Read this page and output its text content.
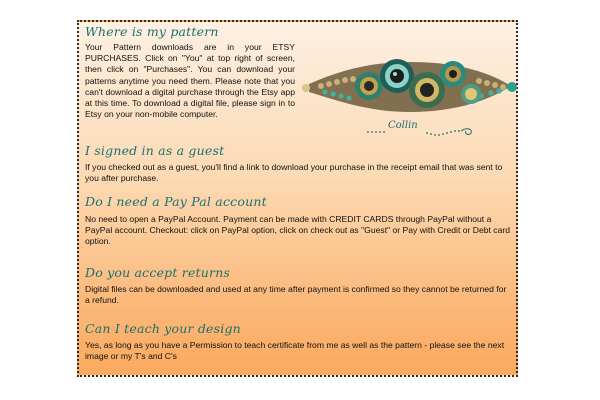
Where is my pattern

Your Pattern downloads are in your ETSY PURCHASES. Click on "You" at top right of screen, then click on "Purchases". You can download your patterns anytime you need them. Please note that you can't download a digital purchase through the Etsy app at this time. To download a digital file, please sign in to Etsy on your non-mobile computer.

Collin
I signed in as a guest

If you checked out as a guest, you'll find a link to download your purchase in the receipt email that was sent to you after purchase.

Do I need a Pay Pal account

No need to open a PayPal Account. Payment can be made with CREDIT CARDS through PayPal without a PayPal account. Checkout: click on PayPal option, click on check out as "Guest" or Pay with Credit or Debt card option.

Do you accept returns

Digital files can be downloaded and used at any time after payment is confirmed so they cannot be returned for a refund.

Can I teach your design

Yes, as long as you have a Permission to teach certificate from me as well as the pattern - please see the next image or my T's and C's
